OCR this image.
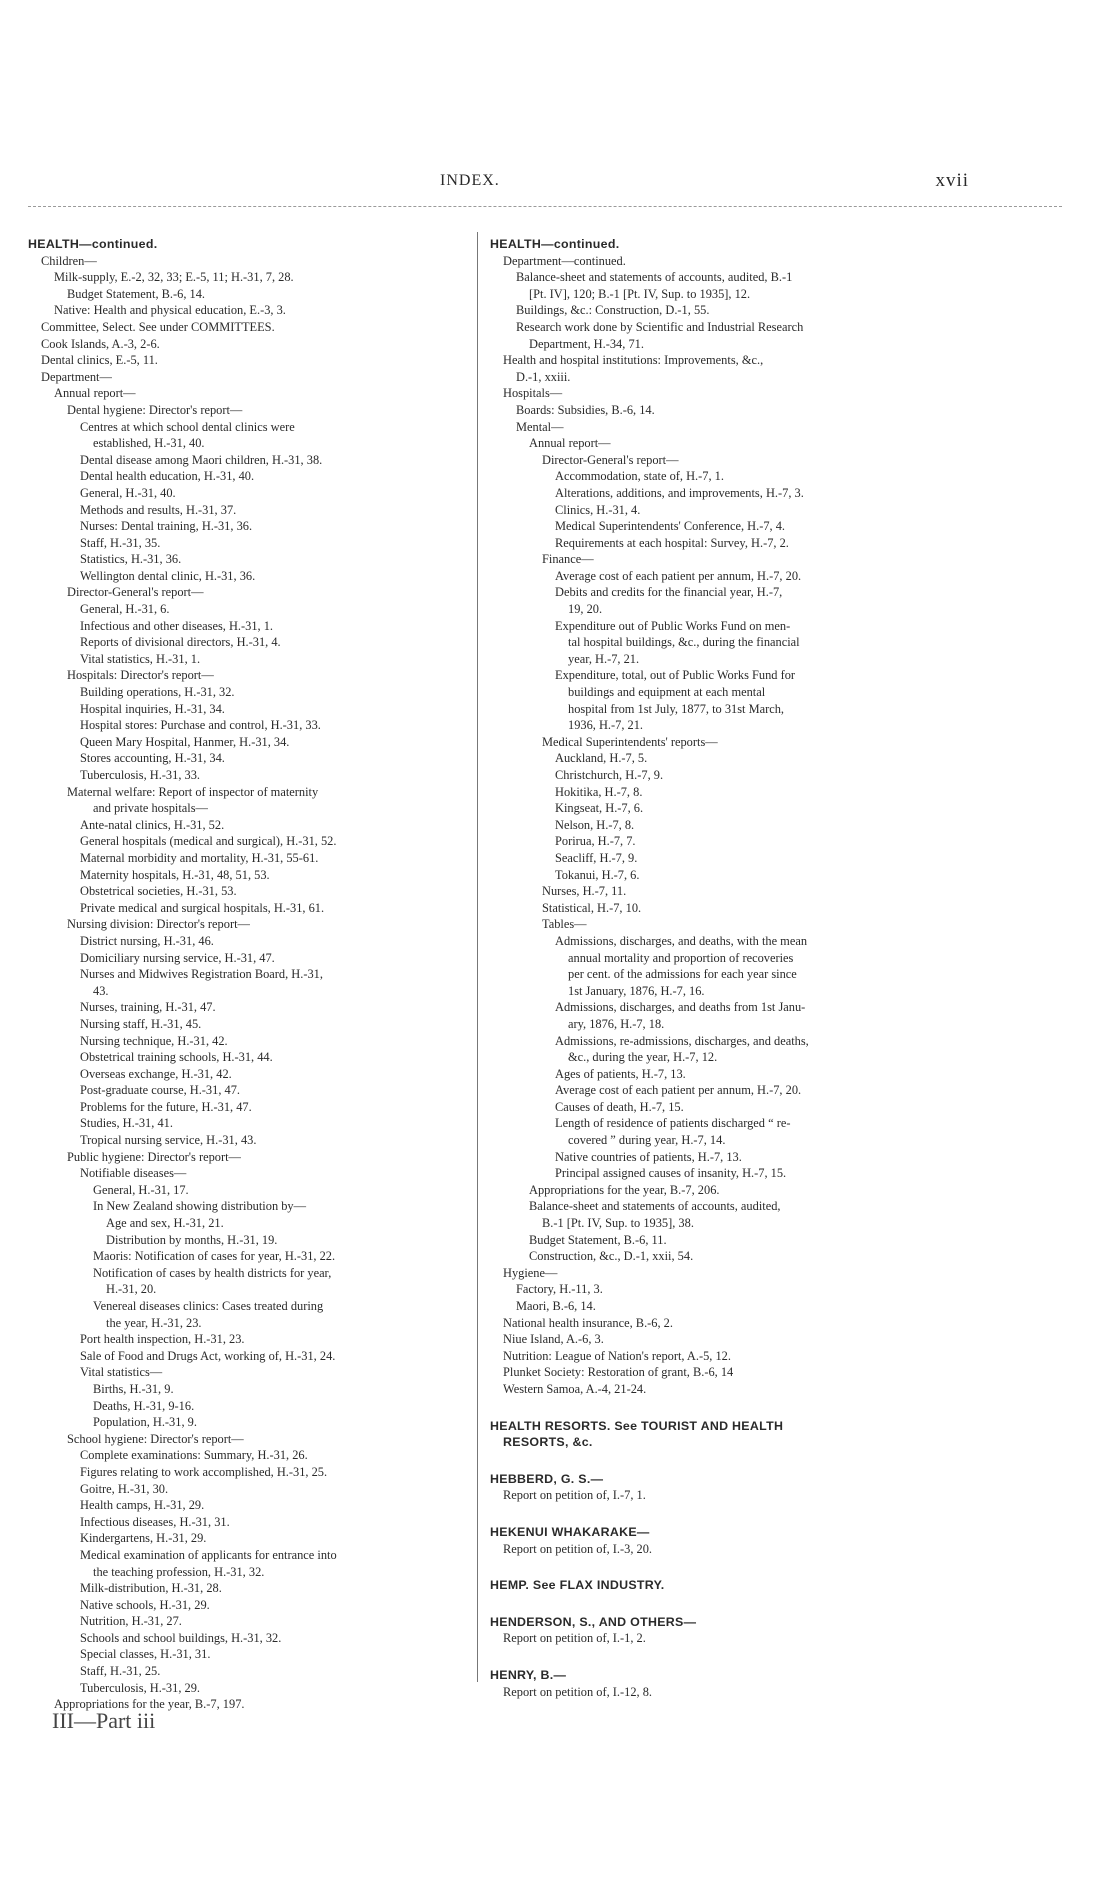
INDEX.	xvii
HEALTH—continued.
Children—
Milk-supply, E.-2, 32, 33; E.-5, 11; H.-31, 7, 28.
Budget Statement, B.-6, 14.
Native: Health and physical education, E.-3, 3.
Committee, Select. See under COMMITTEES.
Cook Islands, A.-3, 2-6.
Dental clinics, E.-5, 11.
Department—
Annual report—
Dental hygiene: Director's report—
Centres at which school dental clinics were
established, H.-31, 40.
Dental disease among Maori children, H.-31, 38.
Dental health education, H.-31, 40.
General, H.-31, 40.
Methods and results, H.-31, 37.
Nurses: Dental training, H.-31, 36.
Staff, H.-31, 35.
Statistics, H.-31, 36.
Wellington dental clinic, H.-31, 36.
Director-General's report—
General, H.-31, 6.
Infectious and other diseases, H.-31, 1.
Reports of divisional directors, H.-31, 4.
Vital statistics, H.-31, 1.
Hospitals: Director's report—
Building operations, H.-31, 32.
Hospital inquiries, H.-31, 34.
Hospital stores: Purchase and control, H.-31, 33.
Queen Mary Hospital, Hanmer, H.-31, 34.
Stores accounting, H.-31, 34.
Tuberculosis, H.-31, 33.
Maternal welfare: Report of inspector of maternity
and private hospitals—
Ante-natal clinics, H.-31, 52.
General hospitals (medical and surgical), H.-31, 52.
Maternal morbidity and mortality, H.-31, 55-61.
Maternity hospitals, H.-31, 48, 51, 53.
Obstetrical societies, H.-31, 53.
Private medical and surgical hospitals, H.-31, 61.
Nursing division: Director's report—
District nursing, H.-31, 46.
Domiciliary nursing service, H.-31, 47.
Nurses and Midwives Registration Board, H.-31,
43.
Nurses, training, H.-31, 47.
Nursing staff, H.-31, 45.
Nursing technique, H.-31, 42.
Obstetrical training schools, H.-31, 44.
Overseas exchange, H.-31, 42.
Post-graduate course, H.-31, 47.
Problems for the future, H.-31, 47.
Studies, H.-31, 41.
Tropical nursing service, H.-31, 43.
Public hygiene: Director's report—
Notifiable diseases—
General, H.-31, 17.
In New Zealand showing distribution by—
Age and sex, H.-31, 21.
Distribution by months, H.-31, 19.
Maoris: Notification of cases for year, H.-31, 22.
Notification of cases by health districts for year,
H.-31, 20.
Venereal diseases clinics: Cases treated during
the year, H.-31, 23.
Port health inspection, H.-31, 23.
Sale of Food and Drugs Act, working of, H.-31, 24.
Vital statistics—
Births, H.-31, 9.
Deaths, H.-31, 9-16.
Population, H.-31, 9.
School hygiene: Director's report—
Complete examinations: Summary, H.-31, 26.
Figures relating to work accomplished, H.-31, 25.
Goitre, H.-31, 30.
Health camps, H.-31, 29.
Infectious diseases, H.-31, 31.
Kindergartens, H.-31, 29.
Medical examination of applicants for entrance into
the teaching profession, H.-31, 32.
Milk-distribution, H.-31, 28.
Native schools, H.-31, 29.
Nutrition, H.-31, 27.
Schools and school buildings, H.-31, 32.
Special classes, H.-31, 31.
Staff, H.-31, 25.
Tuberculosis, H.-31, 29.
Appropriations for the year, B.-7, 197.
HEALTH—continued.
Department—continued.
Balance-sheet and statements of accounts, audited, B.-1
[Pt. IV], 120; B.-1 [Pt. IV, Sup. to 1935], 12.
Buildings, &c.: Construction, D.-1, 55.
Research work done by Scientific and Industrial Research
Department, H.-34, 71.
Health and hospital institutions: Improvements, &c.,
D.-1, xxiii.
Hospitals—
Boards: Subsidies, B.-6, 14.
Mental—
Annual report—
Director-General's report—
Accommodation, state of, H.-7, 1.
Alterations, additions, and improvements, H.-7, 3.
Clinics, H.-31, 4.
Medical Superintendents' Conference, H.-7, 4.
Requirements at each hospital: Survey, H.-7, 2.
Finance—
Average cost of each patient per annum, H.-7, 20.
Debits and credits for the financial year, H.-7,
19, 20.
Expenditure out of Public Works Fund on men-
tal hospital buildings, &c., during the financial
year, H.-7, 21.
Expenditure, total, out of Public Works Fund for
buildings and equipment at each mental
hospital from 1st July, 1877, to 31st March,
1936, H.-7, 21.
Medical Superintendents' reports—
Auckland, H.-7, 5.
Christchurch, H.-7, 9.
Hokitika, H.-7, 8.
Kingseat, H.-7, 6.
Nelson, H.-7, 8.
Porirua, H.-7, 7.
Seacliff, H.-7, 9.
Tokanui, H.-7, 6.
Nurses, H.-7, 11.
Statistical, H.-7, 10.
Tables—
Admissions, discharges, and deaths, with the mean
annual mortality and proportion of recoveries
per cent. of the admissions for each year since
1st January, 1876, H.-7, 16.
Admissions, discharges, and deaths from 1st Janu-
ary, 1876, H.-7, 18.
Admissions, re-admissions, discharges, and deaths,
&c., during the year, H.-7, 12.
Ages of patients, H.-7, 13.
Average cost of each patient per annum, H.-7, 20.
Causes of death, H.-7, 15.
Length of residence of patients discharged “ re-
covered ” during year, H.-7, 14.
Native countries of patients, H.-7, 13.
Principal assigned causes of insanity, H.-7, 15.
Appropriations for the year, B.-7, 206.
Balance-sheet and statements of accounts, audited,
B.-1 [Pt. IV, Sup. to 1935], 38.
Budget Statement, B.-6, 11.
Construction, &c., D.-1, xxii, 54.
Hygiene—
Factory, H.-11, 3.
Maori, B.-6, 14.
National health insurance, B.-6, 2.
Niue Island, A.-6, 3.
Nutrition: League of Nation's report, A.-5, 12.
Plunket Society: Restoration of grant, B.-6, 14
Western Samoa, A.-4, 21-24.
HEALTH RESORTS. See TOURIST AND HEALTH
RESORTS, &c.
HEBBERD, G. S.—
Report on petition of, I.-7, 1.
HEKENUI WHAKARAKE—
Report on petition of, I.-3, 20.
HEMP. See FLAX INDUSTRY.
HENDERSON, S., AND OTHERS—
Report on petition of, I.-1, 2.
HENRY, B.—
Report on petition of, I.-12, 8.
III—Part iii
